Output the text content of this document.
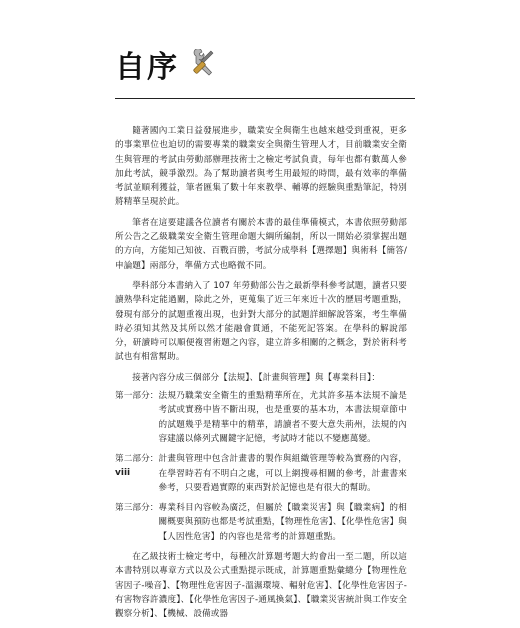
自序

隨著國內工業日益發展進步，職業安全與衛生也越來越受到重視，更多的事業單位也迫切的需要專業的職業安全與衛生管理人才，目前職業安全衛生與管理的考試由勞動部辦理技術士之檢定考試負責，每年也都有數萬人參加此考試，競爭激烈。為了幫助讀者與考生用最短的時間，最有效率的準備考試並順利獲益，筆者匯集了數十年來教學、輔導的經驗與重點筆記，特別將精華呈現於此。

筆者在這要建議各位讀者有關於本書的最佳準備模式，本書依照勞動部所公告之乙級職業安全衛生管理命題大綱所編制，所以一開始必須掌握出題的方向，方能知己知彼、百戰百勝，考試分成學科【選擇題】與術科【簡答/申論題】兩部分，準備方式也略微不同。

學科部分本書納入了 107 年勞動部公告之最新學科參考試題，讀者只要讀熟學科定能過關，除此之外，更蒐集了近三年來近十次的歷屆考題重點，發現有部分的試題重複出現，也針對大部分的試題詳細解說答案，考生準備時必須知其然及其所以然才能融會貫通，不能死記答案。在學科的解說部分，研讀時可以順便複習術題之內容，建立許多相關的之概念，對於術科考試也有相當幫助。

接著內容分成三個部分【法規】、【計畫與管理】與【專業科目】：

第一部分： 法規乃職業安全衛生的重點精華所在，尤其許多基本法規不論是考試或實務中皆不斷出現，也是重要的基本功，本書法規章節中的試題幾乎是精華中的精華，請讀者不要大意失荊州，法規的內容建議以條列式關鍵字記憶，考試時才能以不變應萬變。
第二部分： 計畫與管理中包含計畫書的製作與組織管理等較為實務的內容，在學習時若有不明白之處，可以上網搜尋相關的參考，計畫書來參考，只要看過實際的東西對於記憶也是有很大的幫助。
第三部分： 專業科目內容較為廣泛，但屬於【職業災害】與【職業病】的相關概要與預防也都是考試重點，【物理性危害】、【化學性危害】與【人因性危害】的內容也是常考的計算題重點。

在乙級技術士檢定考中，每種次計算題考題大約會出一至二題，所以這本書特別以專章方式以及公式重點提示既成，計算題重點彙總分【物理性危害因子-噪音】、【物理性危害因子-溫濕環境、輻射危害】、【化學性危害因子-有害物容許濃度】、【化學性危害因子-通風換氣】、【職業災害統計與工作安全觀察分析】、【機械、設備或器

viii
